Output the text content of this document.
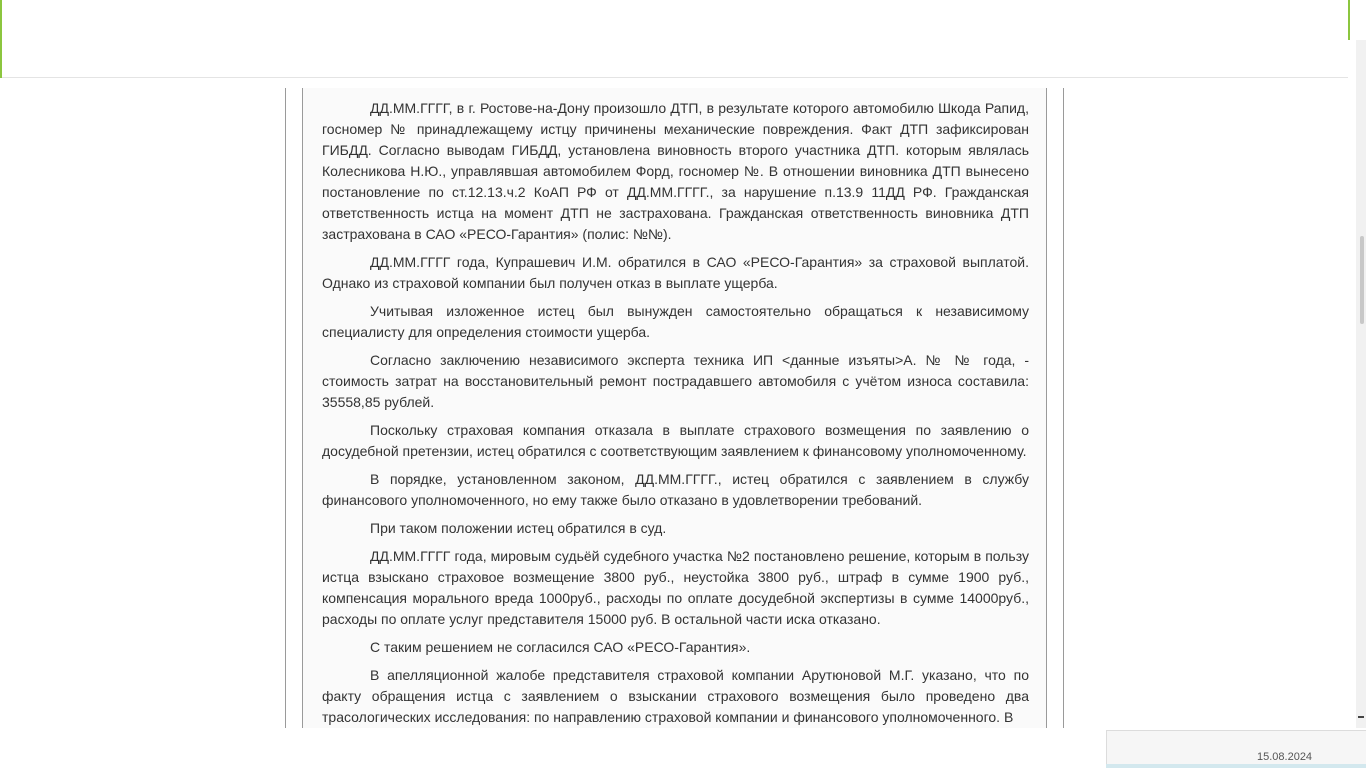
ДД.ММ.ГГГГ, в г. Ростове-на-Дону произошло ДТП, в результате которого автомобилю Шкода Рапид, госномер № принадлежащему истцу причинены механические повреждения. Факт ДТП зафиксирован ГИБДД. Согласно выводам ГИБДД, установлена виновность второго участника ДТП. которым являлась Колесникова Н.Ю., управлявшая автомобилем Форд, госномер №. В отношении виновника ДТП вынесено постановление по ст.12.13.ч.2 КоАП РФ от ДД.ММ.ГГГГ., за нарушение п.13.9 11ДД РФ. Гражданская ответственность истца на момент ДТП не застрахована. Гражданская ответственность виновника ДТП застрахована в САО «РЕСО-Гарантия» (полис: №№).

ДД.ММ.ГГГГ года, Купрашевич И.М. обратился в САО «РЕСО-Гарантия» за страховой выплатой. Однако из страховой компании был получен отказ в выплате ущерба.

Учитывая изложенное истец был вынужден самостоятельно обращаться к независимому специалисту для определения стоимости ущерба.

Согласно заключению независимого эксперта техника ИП <данные изъяты>А. № № года, - стоимость затрат на восстановительный ремонт пострадавшего автомобиля с учётом износа составила: 35558,85 рублей.

Поскольку страховая компания отказала в выплате страхового возмещения по заявлению о досудебной претензии, истец обратился с соответствующим заявлением к финансовому уполномоченному.

В порядке, установленном законом, ДД.ММ.ГГГГ., истец обратился с заявлением в службу финансового уполномоченного, но ему также было отказано в удовлетворении требований.

При таком положении истец обратился в суд.

ДД.ММ.ГГГГ года, мировым судьёй судебного участка №2 постановлено решение, которым в пользу истца взыскано страховое возмещение 3800 руб., неустойка 3800 руб., штраф в сумме 1900 руб., компенсация морального вреда 1000руб., расходы по оплате досудебной экспертизы в сумме 14000руб., расходы по оплате услуг представителя 15000 руб. В остальной части иска отказано.

С таким решением не согласился САО «РЕСО-Гарантия».

В апелляционной жалобе представителя страховой компании Арутюновой М.Г. указано, что по факту обращения истца с заявлением о взыскании страхового возмещения было проведено два трасологических исследования: по направлению страховой компании и финансового уполномоченного. В

15.08.2024
